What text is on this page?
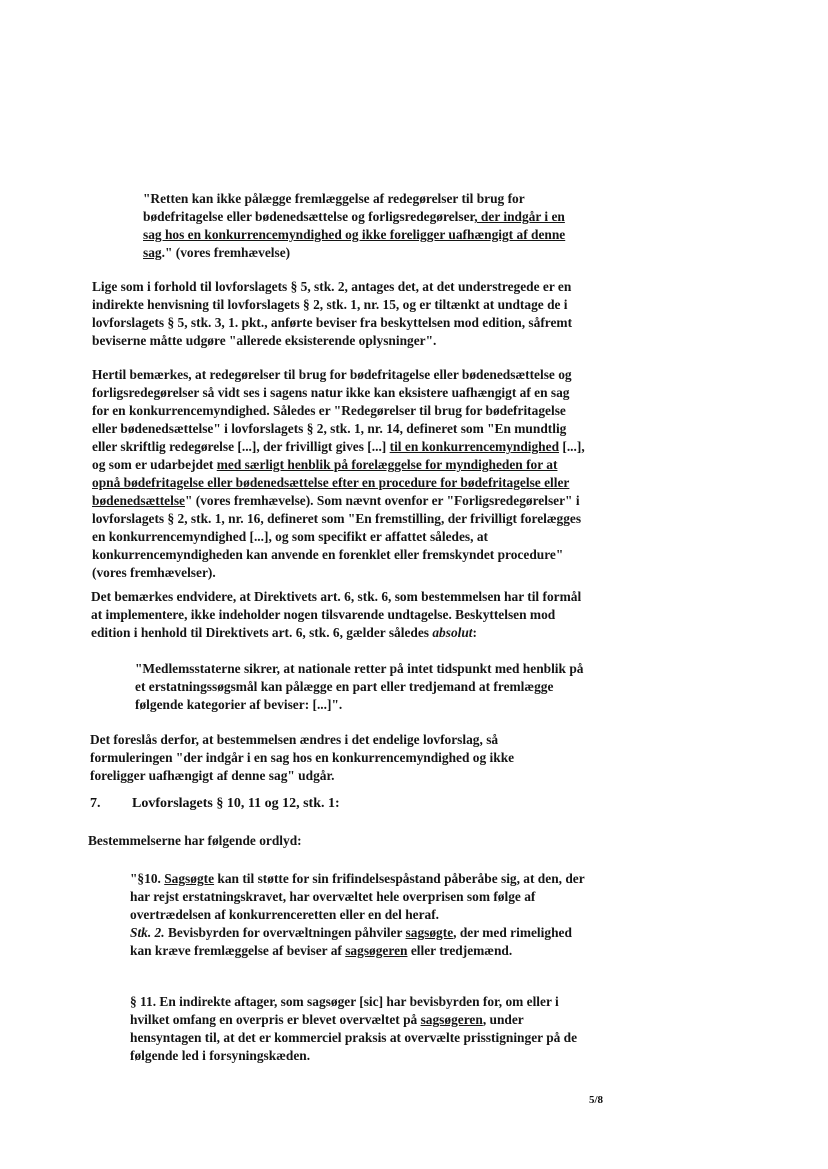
"Retten kan ikke pålægge fremlæggelse af redegørelser til brug for bødefritagelse eller bødenedsættelse og forligsredegørelser, der indgår i en sag hos en konkurrencemyndighed og ikke foreligger uafhængigt af denne sag." (vores fremhævelse)

Lige som i forhold til lovforslagets § 5, stk. 2, antages det, at det understregede er en indirekte henvisning til lovforslagets § 2, stk. 1, nr. 15, og er tiltænkt at undtage de i lovforslagets § 5, stk. 3, 1. pkt., anførte beviser fra beskyttelsen mod edition, såfremt beviserne måtte udgøre "allerede eksisterende oplysninger".

Hertil bemærkes, at redegørelser til brug for bødefritagelse eller bødenedsættelse og forligsredegørelser så vidt ses i sagens natur ikke kan eksistere uafhængigt af en sag for en konkurrencemyndighed. Således er "Redegørelser til brug for bødefritagelse eller bødenedsættelse" i lovforslagets § 2, stk. 1, nr. 14, defineret som "En mundtlig eller skriftlig redegørelse [...], der frivilligt gives [...] til en konkurrencemyndighed [...], og som er udarbejdet med særligt henblik på forelæggelse for myndigheden for at opnå bødefritagelse eller bødenedsættelse efter en procedure for bødefritagelse eller bødenedsættelse" (vores fremhævelse). Som nævnt ovenfor er "Forligsredegørelser" i lovforslagets § 2, stk. 1, nr. 16, defineret som "En fremstilling, der frivilligt forelægges en konkurrencemyndighed [...], og som specifikt er affattet således, at konkurrencemyndigheden kan anvende en forenklet eller fremskyndet procedure" (vores fremhævelser).

Det bemærkes endvidere, at Direktivets art. 6, stk. 6, som bestemmelsen har til formål at implementere, ikke indeholder nogen tilsvarende undtagelse. Beskyttelsen mod edition i henhold til Direktivets art. 6, stk. 6, gælder således absolut:

"Medlemsstaterne sikrer, at nationale retter på intet tidspunkt med henblik på et erstatningssøgsmål kan pålægge en part eller tredjemand at fremlægge følgende kategorier af beviser: [...]".

Det foreslås derfor, at bestemmelsen ændres i det endelige lovforslag, så formuleringen "der indgår i en sag hos en konkurrencemyndighed og ikke foreligger uafhængigt af denne sag" udgår.

7. Lovforslagets § 10, 11 og 12, stk. 1:

Bestemmelserne har følgende ordlyd:

"§10. Sagsøgte kan til støtte for sin frifindelsespåstand påberåbe sig, at den, der har rejst erstatningskravet, har overvæltet hele overprisen som følge af overtrædelsen af konkurrenceretten eller en del heraf.

Stk. 2. Bevisbyrden for overvæltningen påhviler sagsøgte, der med rimelighed kan kræve fremlæggelse af beviser af sagsøgeren eller tredjemænd.

§ 11. En indirekte aftager, som sagsøger [sic] har bevisbyrden for, om eller i hvilket omfang en overpris er blevet overvæltet på sagsøgeren, under hensyntagen til, at det er kommerciel praksis at overvælte prisstigninger på de følgende led i forsyningskæden.

5/8
